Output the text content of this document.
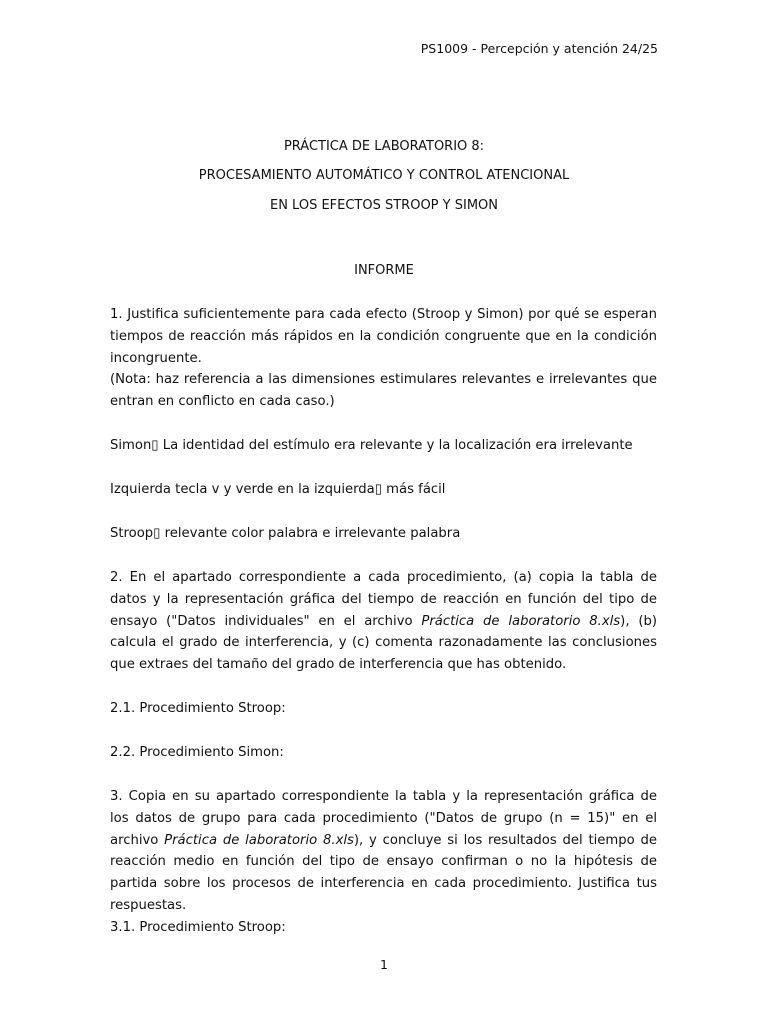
PS1009 - Percepción y atención 24/25
PRÁCTICA DE LABORATORIO 8:
PROCESAMIENTO AUTOMÁTICO Y CONTROL ATENCIONAL
EN LOS EFECTOS STROOP Y SIMON
INFORME
1. Justifica suficientemente para cada efecto (Stroop y Simon) por qué se esperan tiempos de reacción más rápidos en la condición congruente que en la condición incongruente.
(Nota: haz referencia a las dimensiones estimulares relevantes e irrelevantes que entran en conflicto en cada caso.)
Simon▯ La identidad del estímulo era relevante y la localización era irrelevante
Izquierda tecla v y verde en la izquierda▯ más fácil
Stroop▯ relevante color palabra e irrelevante palabra
2. En el apartado correspondiente a cada procedimiento, (a) copia la tabla de datos y la representación gráfica del tiempo de reacción en función del tipo de ensayo ("Datos individuales" en el archivo Práctica de laboratorio 8.xls), (b) calcula el grado de interferencia, y (c) comenta razonadamente las conclusiones que extraes del tamaño del grado de interferencia que has obtenido.
2.1. Procedimiento Stroop:
2.2. Procedimiento Simon:
3. Copia en su apartado correspondiente la tabla y la representación gráfica de los datos de grupo para cada procedimiento ("Datos de grupo (n = 15)" en el archivo Práctica de laboratorio 8.xls), y concluye si los resultados del tiempo de reacción medio en función del tipo de ensayo confirman o no la hipótesis de partida sobre los procesos de interferencia en cada procedimiento. Justifica tus respuestas.
3.1. Procedimiento Stroop:
1
